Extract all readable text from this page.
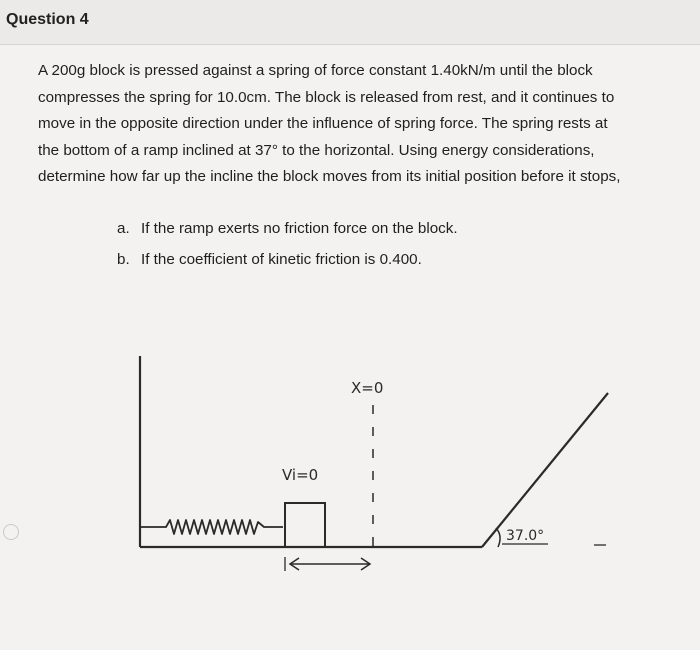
Question 4
A 200g block is pressed against a spring of force constant 1.40kN/m until the block
compresses the spring for 10.0cm. The block is released from rest, and it continues to
move in the opposite direction under the influence of spring force. The spring rests at
the bottom of a ramp inclined at 37° to the horizontal. Using energy considerations,
determine how far up the incline the block moves from its initial position before it stops,
a. If the ramp exerts no friction force on the block.
b. If the coefficient of kinetic friction is 0.400.
X=0
Vi=0
37.0°
